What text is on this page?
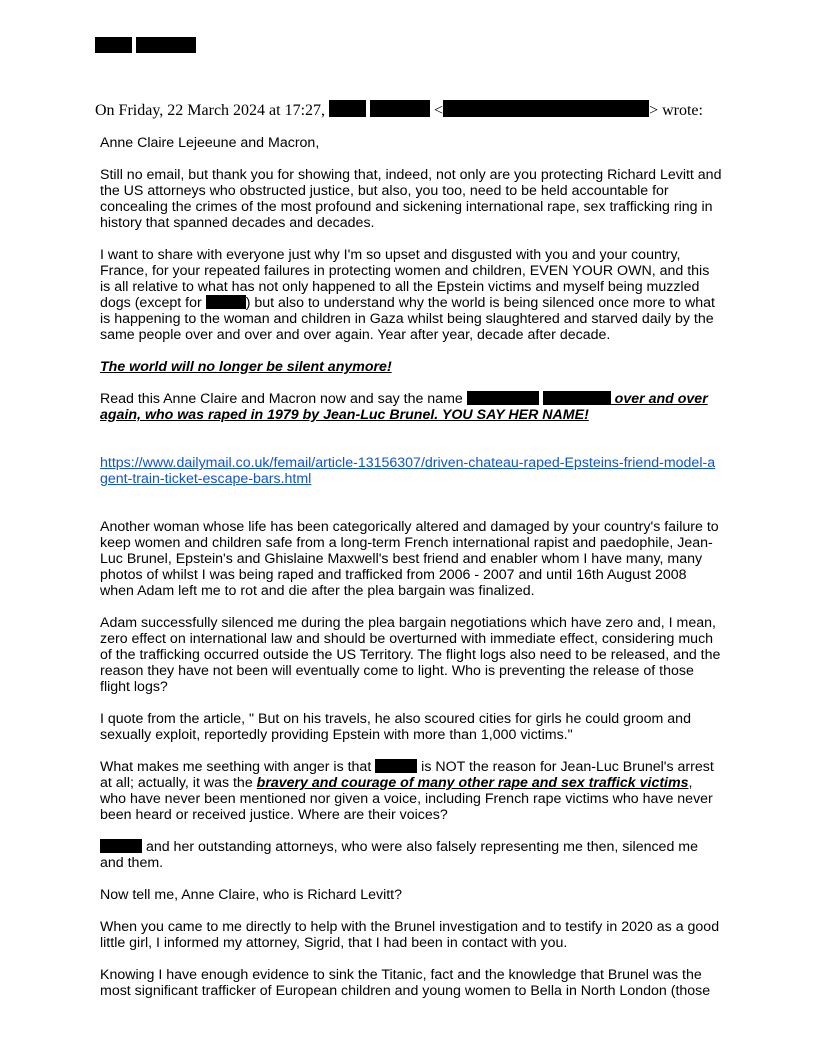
On Friday, 22 March 2024 at 17:27,	<	> wrote:

Anne Claire Lejeeune and Macron,

Still no email, but thank you for showing that, indeed, not only are you protecting Richard Levitt and the US attorneys who obstructed justice, but also, you too, need to be held accountable for concealing the crimes of the most profound and sickening international rape, sex trafficking ring in history that spanned decades and decades.

I want to share with everyone just why I'm so upset and disgusted with you and your country, France, for your repeated failures in protecting women and children, EVEN YOUR OWN, and this is all relative to what has not only happened to all the Epstein victims and myself being muzzled dogs (except for	) but also to understand why the world is being silenced once more to what is happening to the woman and children in Gaza whilst being slaughtered and starved daily by the same people over and over and over again. Year after year, decade after decade.

The world will no longer be silent anymore!

Read this Anne Claire and Macron now and say the name	over and over again, who was raped in 1979 by Jean-Luc Brunel. YOU SAY HER NAME!

https://www.dailymail.co.uk/femail/article-13156307/driven-chateau-raped-Epsteins-friend-model-agent-train-ticket-escape-bars.html

Another woman whose life has been categorically altered and damaged by your country's failure to keep women and children safe from a long-term French international rapist and paedophile, Jean-Luc Brunel, Epstein's and Ghislaine Maxwell's best friend and enabler whom I have many, many photos of whilst I was being raped and trafficked from 2006 - 2007 and until 16th August 2008 when Adam left me to rot and die after the plea bargain was finalized.

Adam successfully silenced me during the plea bargain negotiations which have zero and, I mean, zero effect on international law and should be overturned with immediate effect, considering much of the trafficking occurred outside the US Territory. The flight logs also need to be released, and the reason they have not been will eventually come to light. Who is preventing the release of those flight logs?

I quote from the article, " But on his travels, he also scoured cities for girls he could groom and sexually exploit, reportedly providing Epstein with more than 1,000 victims."

What makes me seething with anger is that	is NOT the reason for Jean-Luc Brunel's arrest at all; actually, it was the bravery and courage of many other rape and sex traffick victims, who have never been mentioned nor given a voice, including French rape victims who have never been heard or received justice. Where are their voices?

and her outstanding attorneys, who were also falsely representing me then, silenced me and them.

Now tell me, Anne Claire, who is Richard Levitt?

When you came to me directly to help with the Brunel investigation and to testify in 2020 as a good little girl, I informed my attorney, Sigrid, that I had been in contact with you.

Knowing I have enough evidence to sink the Titanic, fact and the knowledge that Brunel was the most significant trafficker of European children and young women to Bella in North London (those
